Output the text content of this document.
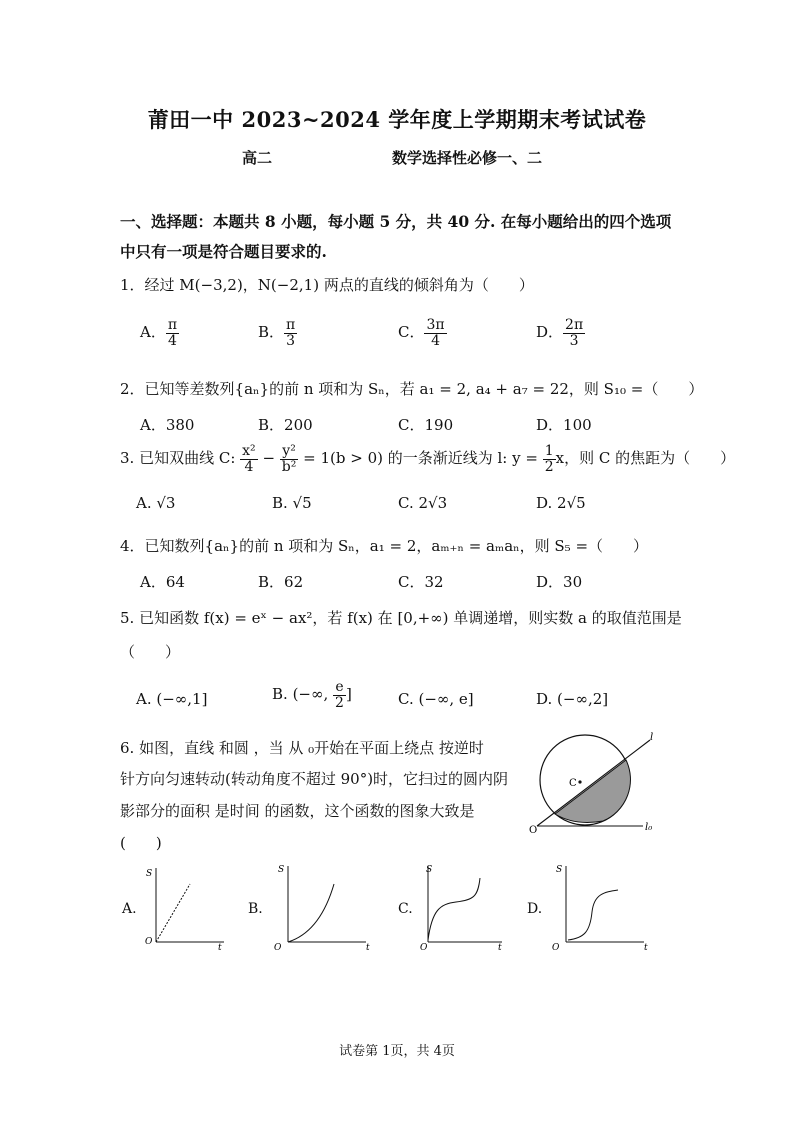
莆田一中 2023~2024 学年度上学期期末考试试卷
高二	数学选择性必修一、二
一、选择题：本题共 8 小题，每小题 5 分，共 40 分. 在每小题给出的四个选项
中只有一项是符合题目要求的.
1．经过 M(−3,2)，N(−2,1) 两点的直线的倾斜角为（　　）
A． $\frac{\pi}{4}$	B． $\frac{\pi}{3}$	C． $\frac{3\pi}{4}$	D． $\frac{2\pi}{3}$
2．已知等差数列{aₙ}的前 n 项和为 Sₙ，若 a₁ = 2, a₄ + a₇ = 22，则 S₁₀ =（　　）
A．380	B．200	C．190	D．100
3. 已知双曲线 C: $\frac{\text{x²}}{4} - \frac{\text{y²}}{\text{b²}} = 1(b > 0)$ 的一条渐近线为 l: $y = \frac{1}{2}$ x，则 C 的焦距为（　　）
A. √3	B. √5	C. 2√3	D. 2√5
4．已知数列{aₙ}的前 n 项和为 Sₙ，a₁ = 2，aₘ₊ₙ = aₘaₙ，则 S₅ =（　　）
A．64	B．62	C．32	D．30
5. 已知函数 f(x) = eˣ − ax²，若 f(x) 在 [0,+∞) 单调递增，则实数 a 的取值范围是
（　　）
A. (−∞,1]	B. (−∞, $\frac{e}{2}$ ]	C. (−∞, e]	D. (−∞,2]
6. 如图，直线 和圆 ，当 从 ₀开始在平面上绕点 按逆时
针方向匀速转动(转动角度不超过 90°)时，它扫过的圆内阴
影部分的面积 是时间 的函数，这个函数的图象大致是
(　　)
C
O
l
l₀
A.
S
t
O
B.
S
t
O
C.
S
t
O
D.
S
t
O
试卷第 1页，共 4页
